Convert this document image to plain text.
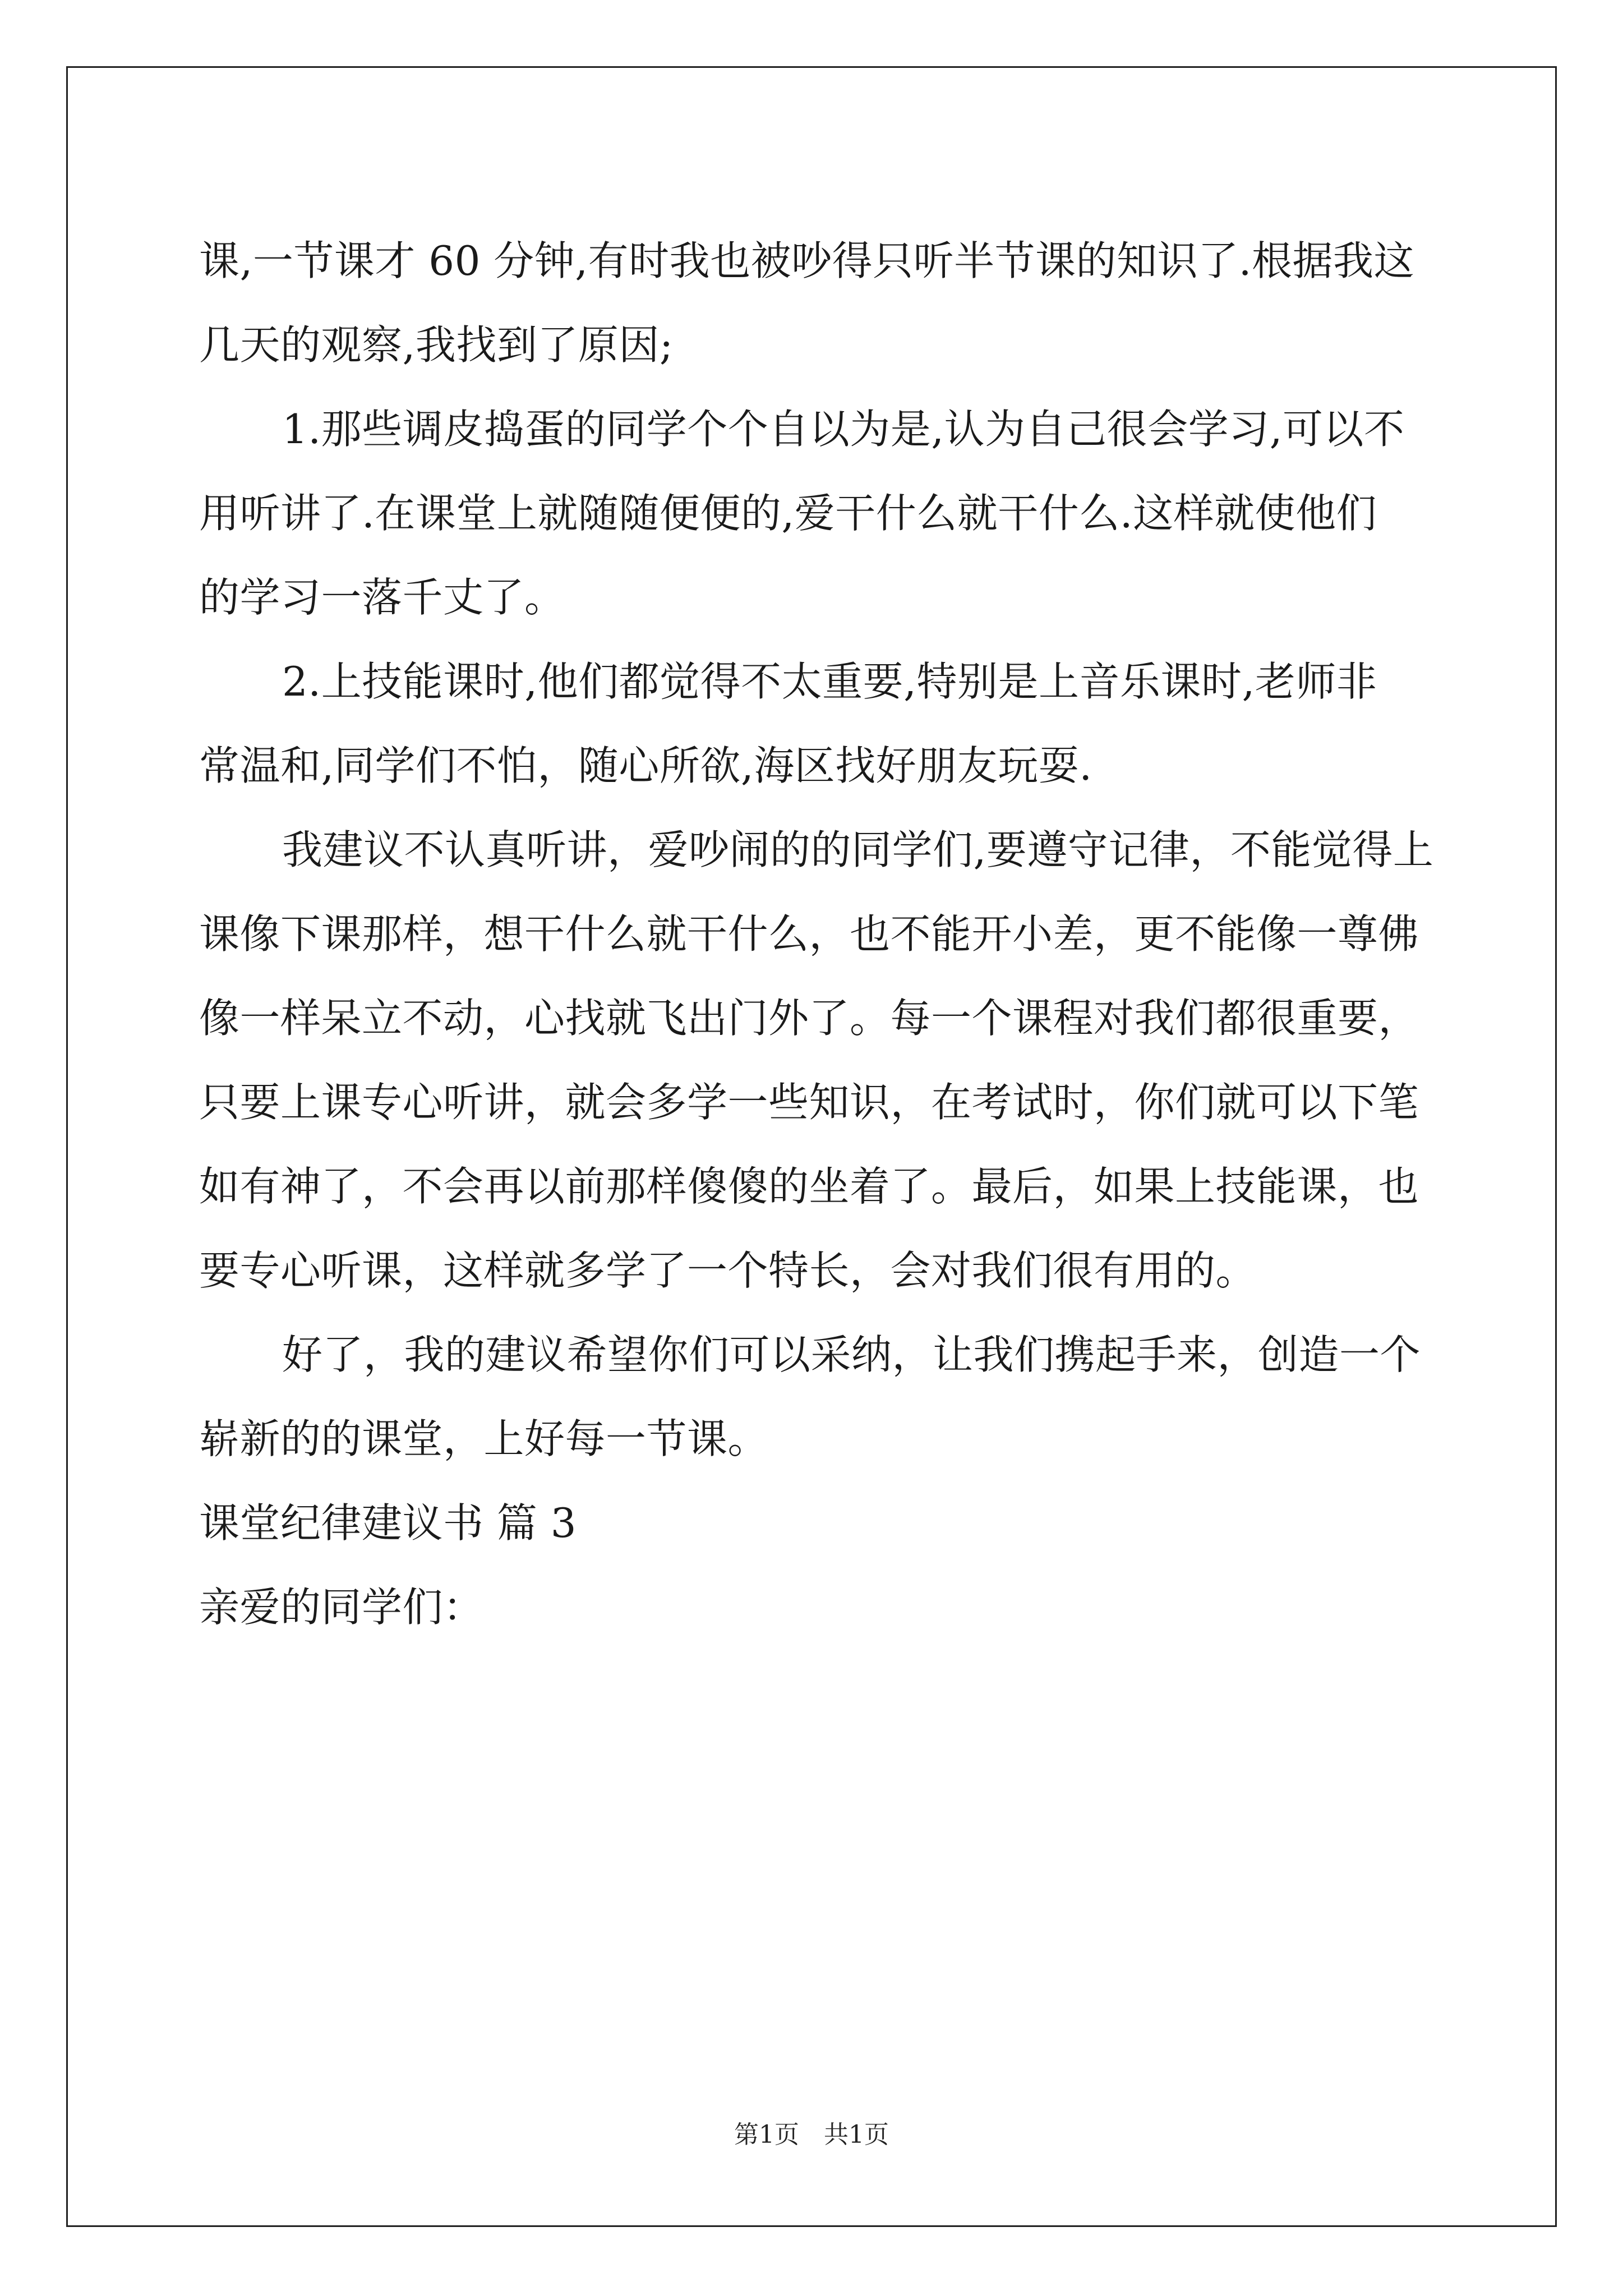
课,一节课才 60 分钟,有时我也被吵得只听半节课的知识了.根据我这
几天的观察,我找到了原因;
1.那些调皮捣蛋的同学个个自以为是,认为自己很会学习,可以不
用听讲了.在课堂上就随随便便的,爱干什么就干什么.这样就使他们
的学习一落千丈了。
2.上技能课时,他们都觉得不太重要,特别是上音乐课时,老师非
常温和,同学们不怕，随心所欲,海区找好朋友玩耍.
我建议不认真听讲，爱吵闹的的同学们,要遵守记律，不能觉得上
课像下课那样，想干什么就干什么，也不能开小差，更不能像一尊佛
像一样呆立不动，心找就飞出门外了。每一个课程对我们都很重要，
只要上课专心听讲，就会多学一些知识，在考试时，你们就可以下笔
如有神了，不会再以前那样傻傻的坐着了。最后，如果上技能课，也
要专心听课，这样就多学了一个特长，会对我们很有用的。
好了，我的建议希望你们可以采纳，让我们携起手来，创造一个
崭新的的课堂，上好每一节课。
课堂纪律建议书 篇 3
亲爱的同学们：
第1页　共1页
